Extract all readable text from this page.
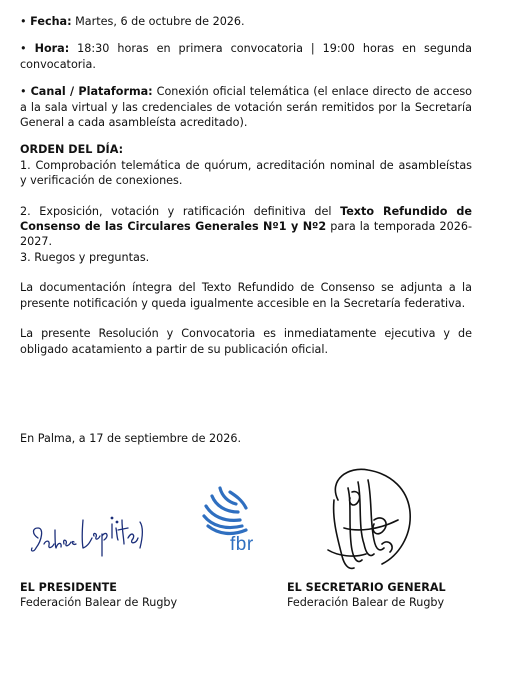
• Fecha: Martes, 6 de octubre de 2026.

• Hora: 18:30 horas en primera convocatoria | 19:00 horas en segunda convocatoria.

• Canal / Plataforma: Conexión oficial telemática (el enlace directo de acceso a la sala virtual y las credenciales de votación serán remitidos por la Secretaría General a cada asambleísta acreditado).

ORDEN DEL DÍA:

1. Comprobación telemática de quórum, acreditación nominal de asambleístas y verificación de conexiones.

2. Exposición, votación y ratificación definitiva del Texto Refundido de Consenso de las Circulares Generales Nº1 y Nº2 para la temporada 2026-2027.

3. Ruegos y preguntas.

La documentación íntegra del Texto Refundido de Consenso se adjunta a la presente notificación y queda igualmente accesible en la Secretaría federativa.

La presente Resolución y Convocatoria es inmediatamente ejecutiva y de obligado acatamiento a partir de su publicación oficial.

En Palma, a 17 de septiembre de 2026.
fbr
EL PRESIDENTE
Federación Balear de Rugby
EL SECRETARIO GENERAL
Federación Balear de Rugby
